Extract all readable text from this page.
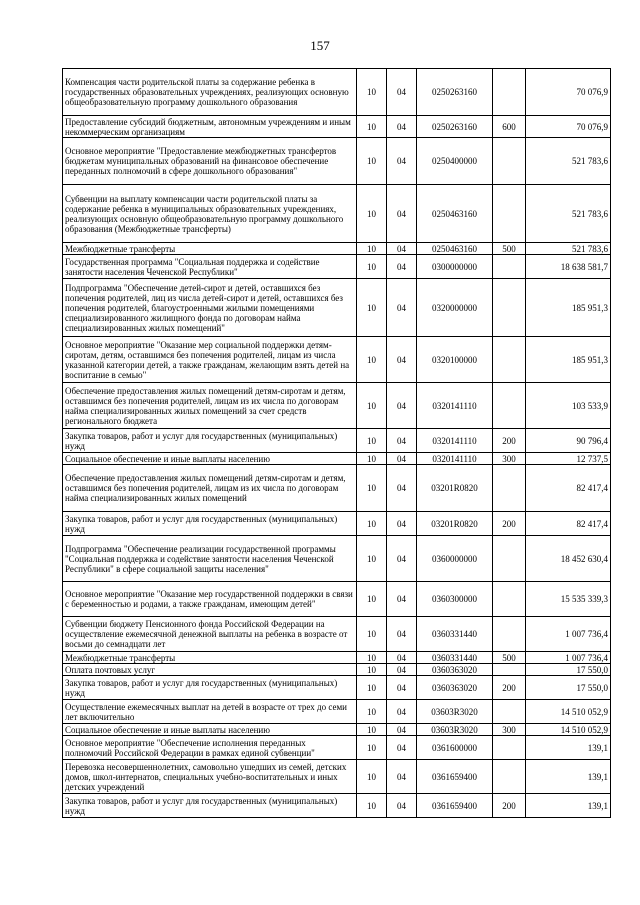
157
Компенсация части родительской платы за содержание ребенка в государственных образовательных учреждениях, реализующих основную общеобразовательную программу дошкольного образования	10	04	0250263160		70 076,9
Предоставление субсидий бюджетным, автономным учреждениям и иным некоммерческим организациям	10	04	0250263160	600	70 076,9
Основное мероприятие "Предоставление межбюджетных трансфертов бюджетам муниципальных образований на финансовое обеспечение переданных полномочий в сфере дошкольного образования"	10	04	0250400000		521 783,6
Субвенции на выплату компенсации части родительской платы за содержание ребенка в муниципальных образовательных учреждениях, реализующих основную общеобразовательную программу дошкольного образования (Межбюджетные трансферты)	10	04	0250463160		521 783,6
Межбюджетные трансферты	10	04	0250463160	500	521 783,6
Государственная программа "Социальная поддержка и содействие занятости населения Чеченской Республики"	10	04	0300000000		18 638 581,7
Подпрограмма "Обеспечение детей-сирот и детей, оставшихся без попечения родителей, лиц из числа детей-сирот и детей, оставшихся без попечения родителей, благоустроенными жилыми помещениями специализированного жилищного фонда по договорам найма специализированных жилых помещений"	10	04	0320000000		185 951,3
Основное мероприятие "Оказание мер социальной поддержки детям-сиротам, детям, оставшимся без попечения родителей, лицам из числа указанной категории детей, а также гражданам, желающим взять детей на воспитание в семью"	10	04	0320100000		185 951,3
Обеспечение предоставления жилых помещений детям-сиротам и детям, оставшимся без попечения родителей, лицам из их числа по договорам найма специализированных жилых помещений за счет средств регионального бюджета	10	04	0320141110		103 533,9
Закупка товаров, работ и услуг для государственных (муниципальных) нужд	10	04	0320141110	200	90 796,4
Социальное обеспечение и иные выплаты населению	10	04	0320141110	300	12 737,5
Обеспечение предоставления жилых помещений детям-сиротам и детям, оставшимся без попечения родителей, лицам из их числа по договорам найма специализированных жилых помещений	10	04	03201R0820		82 417,4
Закупка товаров, работ и услуг для государственных (муниципальных) нужд	10	04	03201R0820	200	82 417,4
Подпрограмма "Обеспечение реализации государственной программы "Социальная поддержка и содействие занятости населения Чеченской Республики" в сфере социальной защиты населения"	10	04	0360000000		18 452 630,4
Основное мероприятие "Оказание мер государственной поддержки в связи с беременностью и родами, а также гражданам, имеющим детей"	10	04	0360300000		15 535 339,3
Субвенции бюджету Пенсионного фонда Российской Федерации на осуществление ежемесячной денежной выплаты на ребенка в возрасте от восьми до семнадцати лет	10	04	0360331440		1 007 736,4
Межбюджетные трансферты	10	04	0360331440	500	1 007 736,4
Оплата почтовых услуг	10	04	0360363020		17 550,0
Закупка товаров, работ и услуг для государственных (муниципальных) нужд	10	04	0360363020	200	17 550,0
Осуществление ежемесячных выплат на детей в возрасте от трех до семи лет включительно	10	04	03603R3020		14 510 052,9
Социальное обеспечение и иные выплаты населению	10	04	03603R3020	300	14 510 052,9
Основное мероприятие "Обеспечение исполнения переданных полномочий Российской Федерации в рамках единой субвенции"	10	04	0361600000		139,1
Перевозка несовершеннолетних, самовольно ушедших из семей, детских домов, школ-интернатов, специальных учебно-воспитательных и иных детских учреждений	10	04	0361659400		139,1
Закупка товаров, работ и услуг для государственных (муниципальных) нужд	10	04	0361659400	200	139,1
